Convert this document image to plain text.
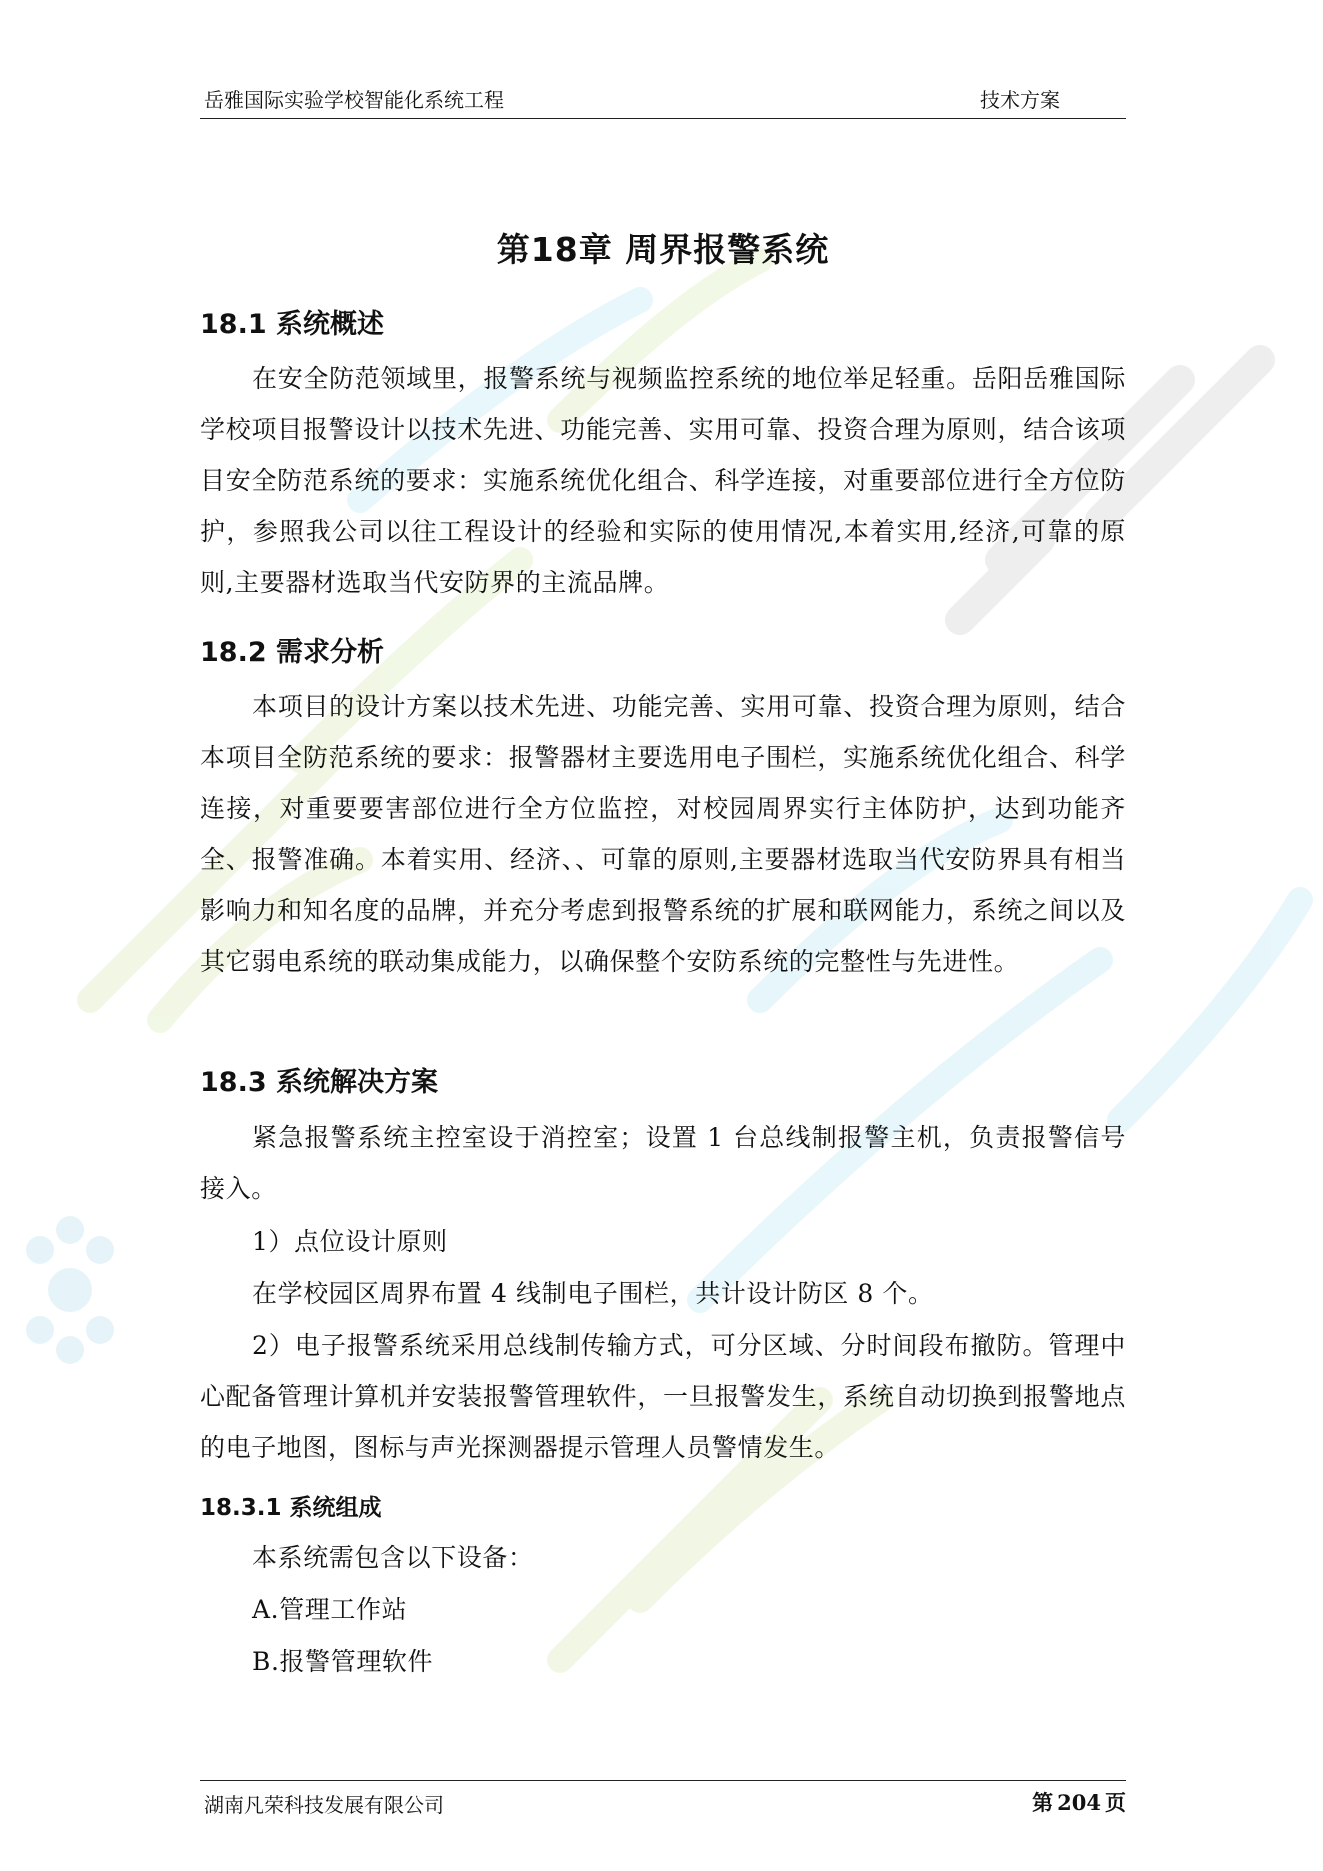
岳雅国际实验学校智能化系统工程	技术方案
第18章 周界报警系统
18.1 系统概述
在安全防范领域里，报警系统与视频监控系统的地位举足轻重。岳阳岳雅国际学校项目报警设计以技术先进、功能完善、实用可靠、投资合理为原则，结合该项目安全防范系统的要求：实施系统优化组合、科学连接，对重要部位进行全方位防护，参照我公司以往工程设计的经验和实际的使用情况,本着实用,经济,可靠的原则,主要器材选取当代安防界的主流品牌。
18.2 需求分析
本项目的设计方案以技术先进、功能完善、实用可靠、投资合理为原则，结合本项目全防范系统的要求：报警器材主要选用电子围栏，实施系统优化组合、科学连接，对重要要害部位进行全方位监控，对校园周界实行主体防护，达到功能齐全、报警准确。本着实用、经济、、可靠的原则,主要器材选取当代安防界具有相当影响力和知名度的品牌，并充分考虑到报警系统的扩展和联网能力，系统之间以及其它弱电系统的联动集成能力，以确保整个安防系统的完整性与先进性。
18.3 系统解决方案
紧急报警系统主控室设于消控室；设置 1 台总线制报警主机，负责报警信号接入。
1）点位设计原则
在学校园区周界布置 4 线制电子围栏，共计设计防区 8 个。
2）电子报警系统采用总线制传输方式，可分区域、分时间段布撤防。管理中心配备管理计算机并安装报警管理软件，一旦报警发生，系统自动切换到报警地点的电子地图，图标与声光探测器提示管理人员警情发生。
18.3.1 系统组成
本系统需包含以下设备：
A.管理工作站
B.报警管理软件
湖南凡荣科技发展有限公司	第 204 页
